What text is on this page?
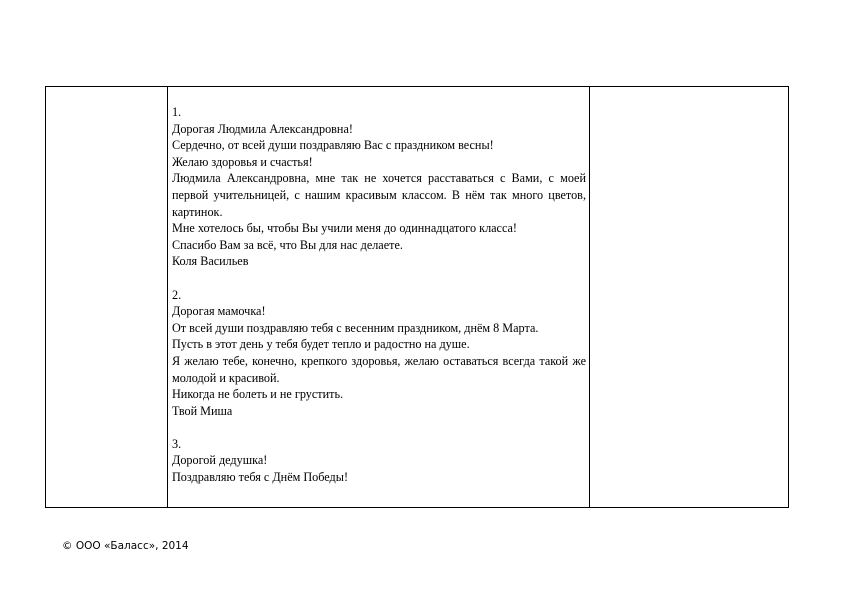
1.

Дорогая Людмила Александровна!

Сердечно, от всей души поздравляю Вас с праздником весны!

Желаю здоровья и счастья!

Людмила Александровна, мне так не хочется расставаться с Вами, с моей первой учительницей, с нашим красивым классом. В нём так много цветов, картинок.

Мне хотелось бы, чтобы Вы учили меня до одиннадцатого класса!

Спасибо Вам за всё, что Вы для нас делаете.

Коля Васильев

2.

Дорогая мамочка!

От всей души поздравляю тебя с весенним праздником, днём 8 Марта.

Пусть в этот день у тебя будет тепло и радостно на душе.

Я желаю тебе, конечно, крепкого здоровья, желаю оставаться всегда такой же молодой и красивой.

Никогда не болеть и не грустить.

Твой Миша

3.

Дорогой дедушка!

Поздравляю тебя с Днём Победы!

© ООО «Баласс», 2014
